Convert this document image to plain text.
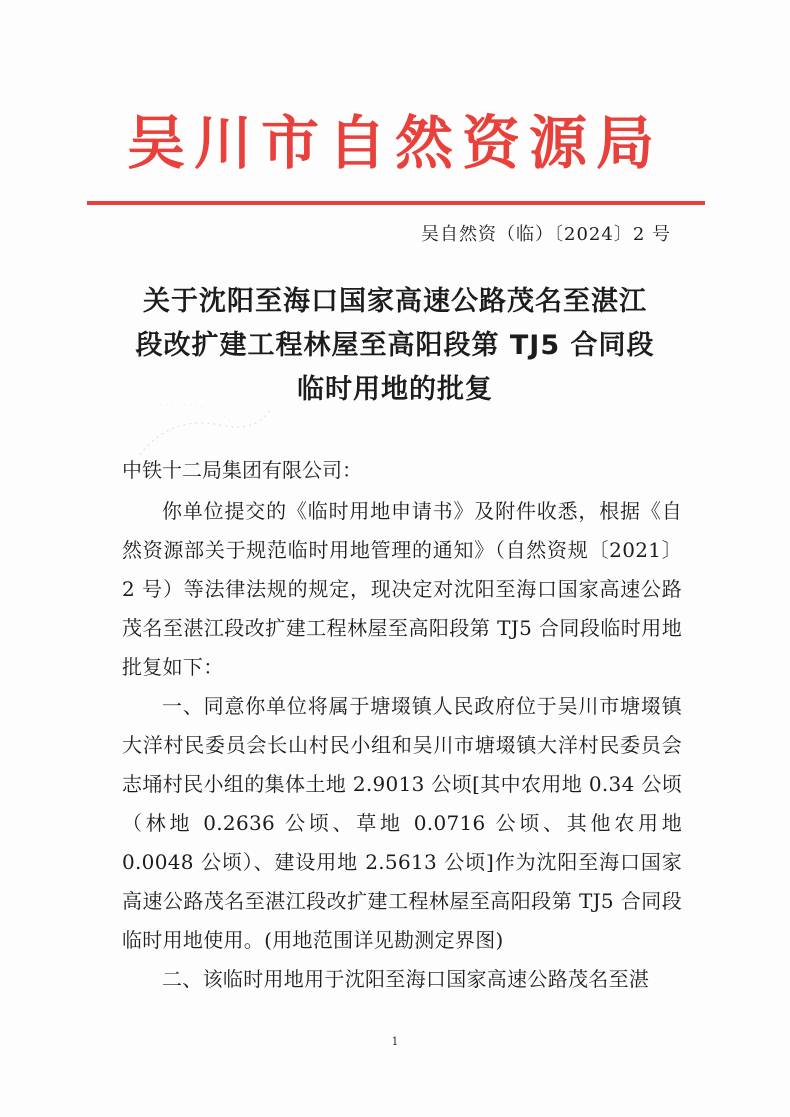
吴川市自然资源局
吴自然资（临）〔2024〕2 号
关于沈阳至海口国家高速公路茂名至湛江
段改扩建工程林屋至高阳段第 TJ5 合同段
临时用地的批复
中铁十二局集团有限公司：

你单位提交的《临时用地申请书》及附件收悉，根据《自然资源部关于规范临时用地管理的通知》（自然资规〔2021〕2 号）等法律法规的规定，现决定对沈阳至海口国家高速公路茂名至湛江段改扩建工程林屋至高阳段第 TJ5 合同段临时用地批复如下：

一、同意你单位将属于塘㙍镇人民政府位于吴川市塘㙍镇大洋村民委员会长山村民小组和吴川市塘㙍镇大洋村民委员会志埇村民小组的集体土地 2.9013 公顷[其中农用地 0.34 公顷（林地 0.2636 公顷、草地 0.0716 公顷、其他农用地 0.0048 公顷）、建设用地 2.5613 公顷]作为沈阳至海口国家高速公路茂名至湛江段改扩建工程林屋至高阳段第 TJ5 合同段临时用地使用。(用地范围详见勘测定界图)

二、该临时用地用于沈阳至海口国家高速公路茂名至湛

1
